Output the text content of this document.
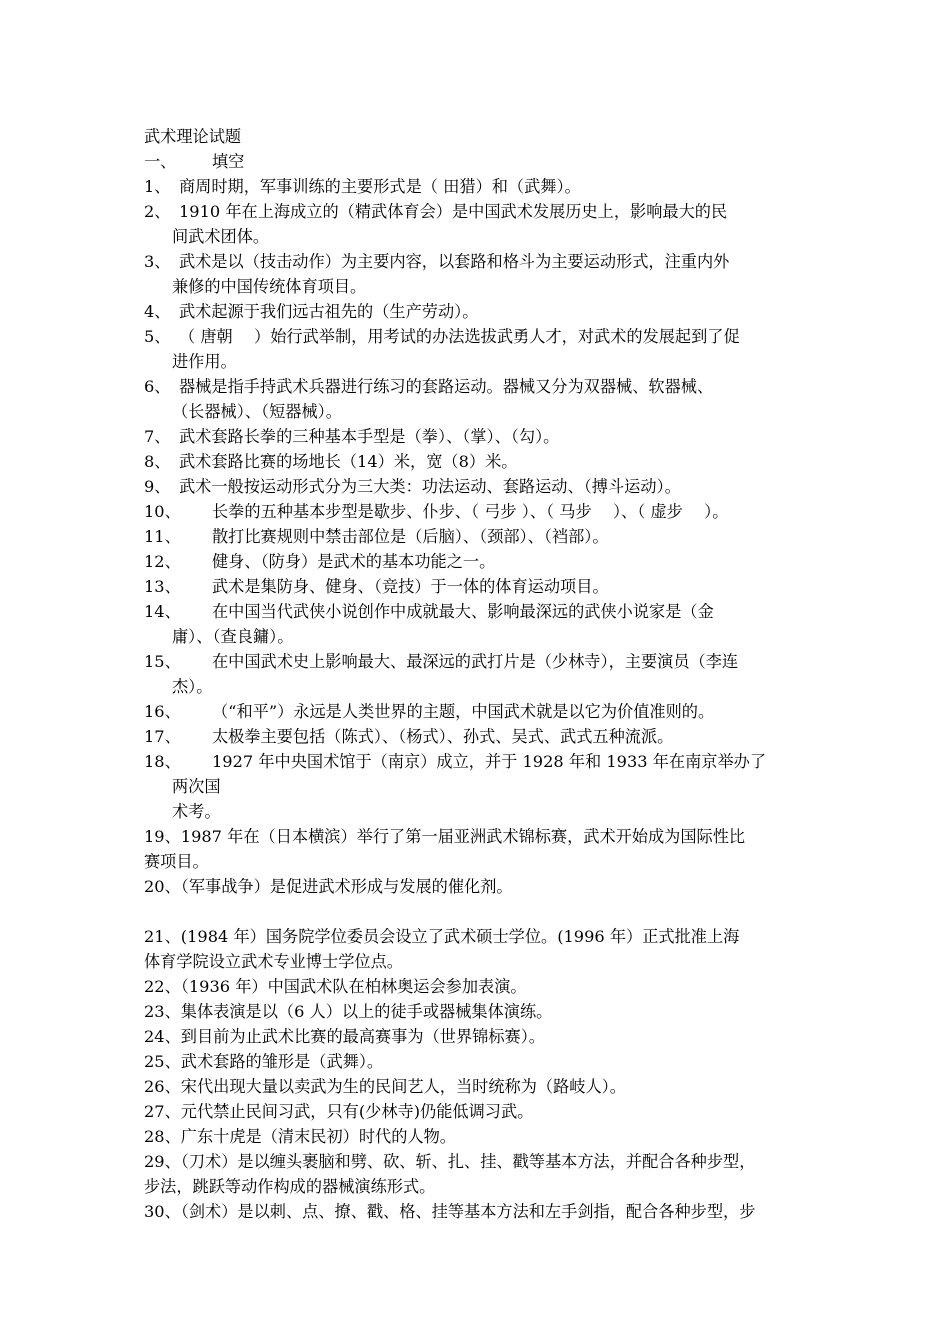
武术理论试题
一、	填空
1、 商周时期，军事训练的主要形式是（ 田猎）和（武舞）。
2、 1910 年在上海成立的（精武体育会）是中国武术发展历史上，影响最大的民
间武术团体。
3、 武术是以（技击动作）为主要内容，以套路和格斗为主要运动形式，注重内外
兼修的中国传统体育项目。
4、 武术起源于我们远古祖先的（生产劳动）。
5、 （ 唐朝 　）始行武举制，用考试的办法选拔武勇人才，对武术的发展起到了促
进作用。
6、 器械是指手持武术兵器进行练习的套路运动。器械又分为双器械、软器械、
（长器械）、（短器械）。
7、 武术套路长拳的三种基本手型是（拳）、（掌）、（勾）。
8、 武术套路比赛的场地长（14）米，宽（8）米。
9、 武术一般按运动形式分为三大类：功法运动、套路运动、（搏斗运动）。
10、	长拳的五种基本步型是歇步、仆步、（ 弓步 ）、（ 马步 　）、（ 虚步 　）。
11、	散打比赛规则中禁击部位是（后脑）、（颈部）、（裆部）。
12、	健身、（防身）是武术的基本功能之一。
13、	武术是集防身、健身、（竞技）于一体的体育运动项目。
14、	在中国当代武侠小说创作中成就最大、影响最深远的武侠小说家是（金
庸）、（查良鏞）。
15、	在中国武术史上影响最大、最深远的武打片是（少林寺），主要演员（李连
杰）。
16、	（“和平”）永远是人类世界的主题，中国武术就是以它为价值准则的。
17、	太极拳主要包括（陈式）、（杨式）、孙式、吴式、武式五种流派。
18、	1927 年中央国术馆于（南京）成立，并于 1928 年和 1933 年在南京举办了
两次国
术考。
19、1987 年在（日本横滨）举行了第一届亚洲武术锦标赛，武术开始成为国际性比
赛项目。
20、（军事战争）是促进武术形成与发展的催化剂。
21、(1984 年）国务院学位委员会设立了武术硕士学位。(1996 年）正式批准上海
体育学院设立武术专业博士学位点。
22、（1936 年）中国武术队在柏林奥运会参加表演。
23、集体表演是以（6 人）以上的徒手或器械集体演练。
24、到目前为止武术比赛的最高赛事为（世界锦标赛）。
25、武术套路的雏形是（武舞）。
26、宋代出现大量以卖武为生的民间艺人，当时统称为（路岐人）。
27、元代禁止民间习武，只有(少林寺)仍能低调习武。
28、广东十虎是（清末民初）时代的人物。
29、（刀术）是以缠头裹脑和劈、砍、斩、扎、挂、戳等基本方法，并配合各种步型，
步法，跳跃等动作构成的器械演练形式。
30、（剑术）是以刺、点、撩、戳、格、挂等基本方法和左手剑指，配合各种步型，步
